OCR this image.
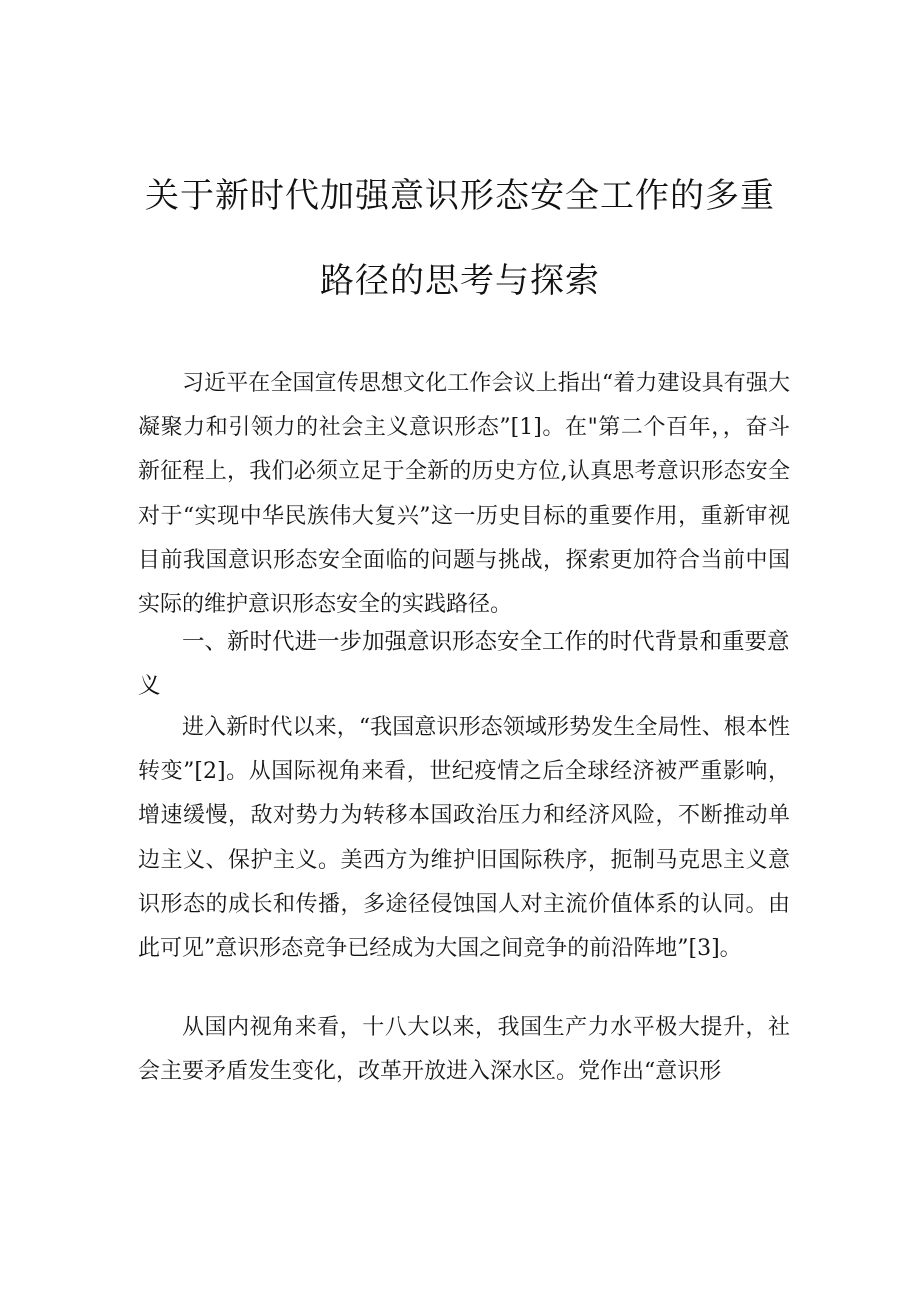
关于新时代加强意识形态安全工作的多重
路径的思考与探索

习近平在全国宣传思想文化工作会议上指出“着力建设具有强大凝聚力和引领力的社会主义意识形态”[1]。在"第二个百年，，奋斗新征程上，我们必须立足于全新的历史方位,认真思考意识形态安全对于“实现中华民族伟大复兴”这一历史目标的重要作用，重新审视目前我国意识形态安全面临的问题与挑战，探索更加符合当前中国实际的维护意识形态安全的实践路径。

一、新时代进一步加强意识形态安全工作的时代背景和重要意义

进入新时代以来，“我国意识形态领域形势发生全局性、根本性转变”[2]。从国际视角来看，世纪疫情之后全球经济被严重影响，增速缓慢，敌对势力为转移本国政治压力和经济风险，不断推动单边主义、保护主义。美西方为维护旧国际秩序，扼制马克思主义意识形态的成长和传播，多途径侵蚀国人对主流价值体系的认同。由此可见”意识形态竞争已经成为大国之间竞争的前沿阵地”[3]。

从国内视角来看，十八大以来，我国生产力水平极大提升，社会主要矛盾发生变化，改革开放进入深水区。党作出“意识形
